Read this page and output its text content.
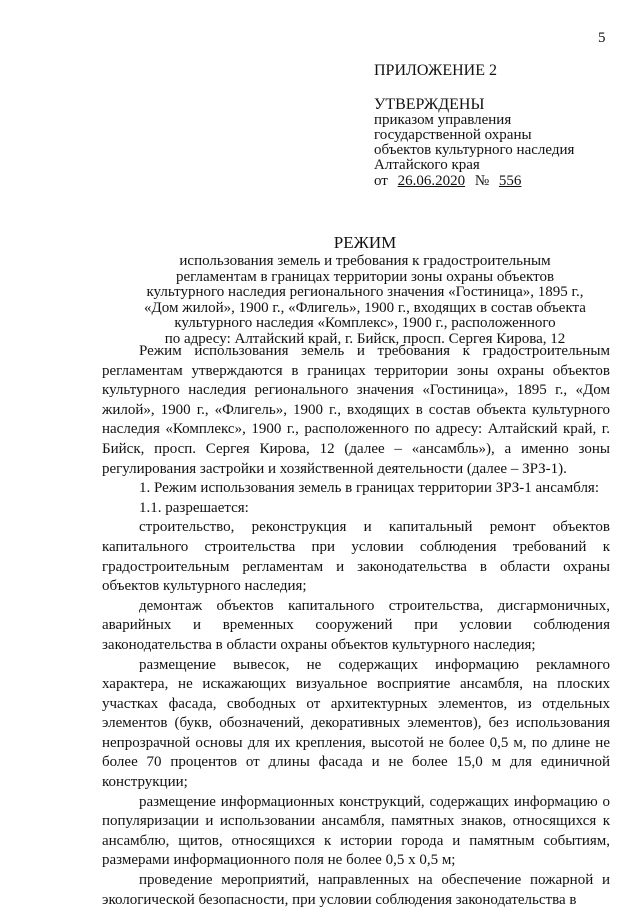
5
ПРИЛОЖЕНИЕ 2
УТВЕРЖДЕНЫ
приказом управления
государственной охраны
объектов культурного наследия
Алтайского края
от 26.06.2020 № 556
РЕЖИМ
использования земель и требования к градостроительным
регламентам в границах территории зоны охраны объектов
культурного наследия регионального значения «Гостиница», 1895 г.,
«Дом жилой», 1900 г., «Флигель», 1900 г., входящих в состав объекта
культурного наследия «Комплекс», 1900 г., расположенного
по адресу: Алтайский край, г. Бийск, просп. Сергея Кирова, 12

Режим использования земель и требования к градостроительным регламентам утверждаются в границах территории зоны охраны объектов культурного наследия регионального значения «Гостиница», 1895 г., «Дом жилой», 1900 г., «Флигель», 1900 г., входящих в состав объекта культурного наследия «Комплекс», 1900 г., расположенного по адресу: Алтайский край, г. Бийск, просп. Сергея Кирова, 12 (далее – «ансамбль»), а именно зоны регулирования застройки и хозяйственной деятельности (далее – ЗРЗ-1).

1. Режим использования земель в границах территории ЗРЗ-1 ансамбля:

1.1. разрешается:

строительство, реконструкция и капитальный ремонт объектов капитального строительства при условии соблюдения требований к градостроительным регламентам и законодательства в области охраны объектов культурного наследия;

демонтаж объектов капитального строительства, дисгармоничных, аварийных и временных сооружений при условии соблюдения законодательства в области охраны объектов культурного наследия;

размещение вывесок, не содержащих информацию рекламного характера, не искажающих визуальное восприятие ансамбля, на плоских участках фасада, свободных от архитектурных элементов, из отдельных элементов (букв, обозначений, декоративных элементов), без использования непрозрачной основы для их крепления, высотой не более 0,5 м, по длине не более 70 процентов от длины фасада и не более 15,0 м для единичной конструкции;

размещение информационных конструкций, содержащих информацию о популяризации и использовании ансамбля, памятных знаков, относящихся к ансамблю, щитов, относящихся к истории города и памятным событиям, размерами информационного поля не более 0,5 х 0,5 м;

проведение мероприятий, направленных на обеспечение пожарной и экологической безопасности, при условии соблюдения законодательства в
